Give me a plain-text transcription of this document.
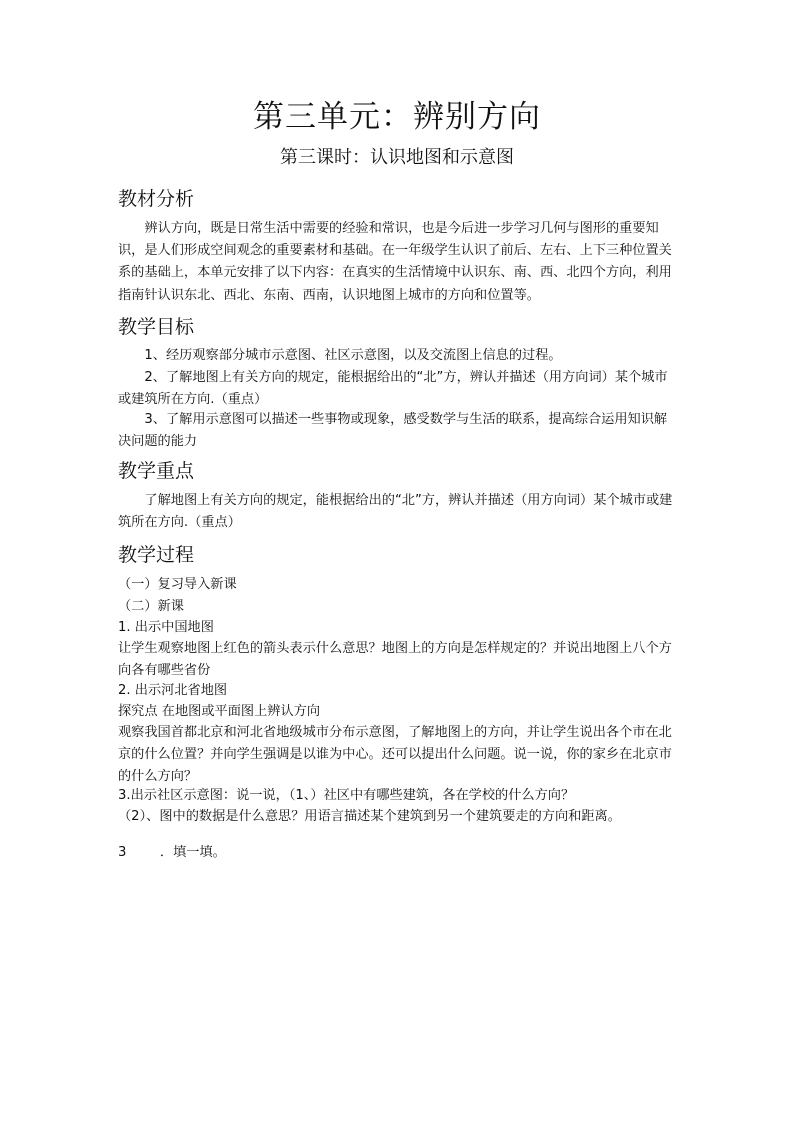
第三单元：辨别方向
第三课时：认识地图和示意图
教材分析

辨认方向，既是日常生活中需要的经验和常识，也是今后进一步学习几何与图形的重要知识，是人们形成空间观念的重要素材和基础。在一年级学生认识了前后、左右、上下三种位置关系的基础上，本单元安排了以下内容：在真实的生活情境中认识东、南、西、北四个方向，利用指南针认识东北、西北、东南、西南，认识地图上城市的方向和位置等。

教学目标

1、经历观察部分城市示意图、社区示意图，以及交流图上信息的过程。

2、了解地图上有关方向的规定，能根据给出的“北”方，辨认并描述（用方向词）某个城市或建筑所在方向.（重点）

3、了解用示意图可以描述一些事物或现象，感受数学与生活的联系，提高综合运用知识解决问题的能力

教学重点

了解地图上有关方向的规定，能根据给出的“北”方，辨认并描述（用方向词）某个城市或建筑所在方向.（重点）

教学过程
（一）复习导入新课
（二）新课
1. 出示中国地图
让学生观察地图上红色的箭头表示什么意思？地图上的方向是怎样规定的？并说出地图上八个方向各有哪些省份
2. 出示河北省地图
探究点 在地图或平面图上辨认方向
观察我国首都北京和河北省地级城市分布示意图，了解地图上的方向，并让学生说出各个市在北京的什么位置？并向学生强调是以谁为中心。还可以提出什么问题。说一说，你的家乡在北京市的什么方向？
3.出示社区示意图：说一说，（1、）社区中有哪些建筑，各在学校的什么方向？
（2）、图中的数据是什么意思？用语言描述某个建筑到另一个建筑要走的方向和距离。
3        ．填一填。
